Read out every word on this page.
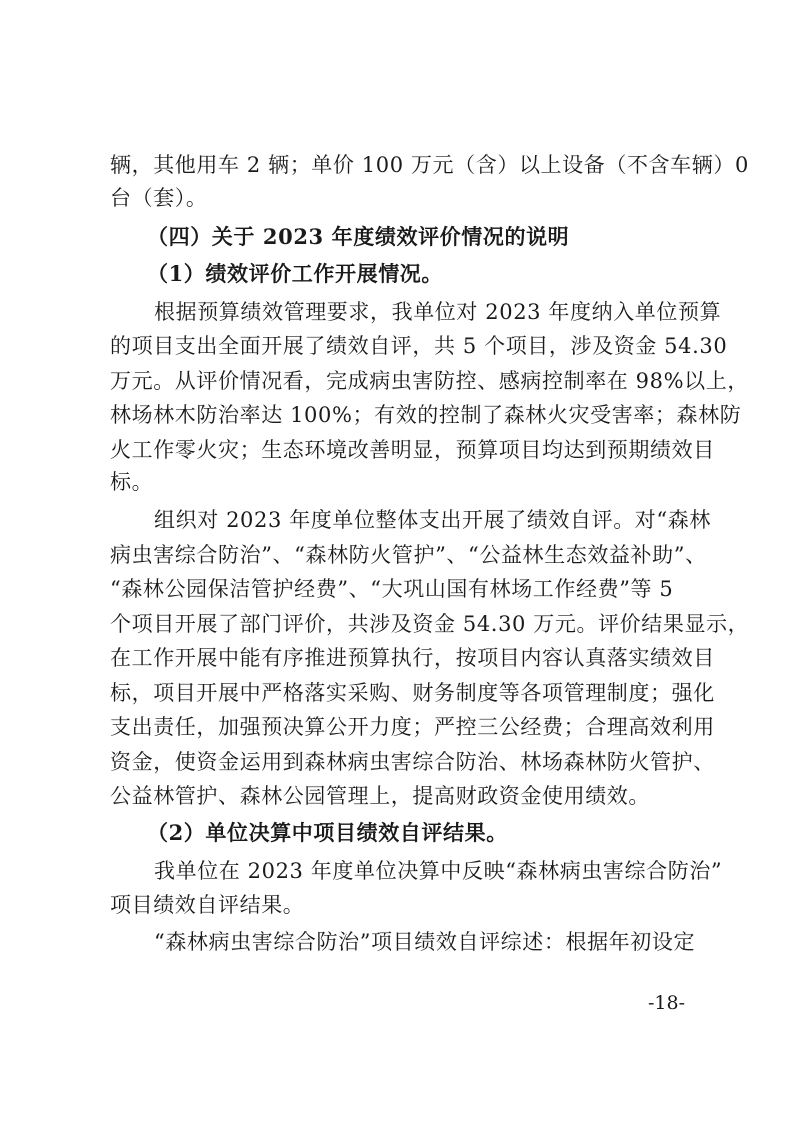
辆，其他用车 2 辆；单价 100 万元（含）以上设备（不含车辆）0
台（套）。
（四）关于 2023 年度绩效评价情况的说明
（1）绩效评价工作开展情况。
根据预算绩效管理要求，我单位对 2023 年度纳入单位预算
的项目支出全面开展了绩效自评，共 5 个项目，涉及资金 54.30
万元。从评价情况看，完成病虫害防控、感病控制率在 98%以上，
林场林木防治率达 100%；有效的控制了森林火灾受害率；森林防
火工作零火灾；生态环境改善明显，预算项目均达到预期绩效目
标。
组织对 2023 年度单位整体支出开展了绩效自评。对“森林
病虫害综合防治”、“森林防火管护”、“公益林生态效益补助”、
“森林公园保洁管护经费”、“大巩山国有林场工作经费”等 5
个项目开展了部门评价，共涉及资金 54.30 万元。评价结果显示，
在工作开展中能有序推进预算执行，按项目内容认真落实绩效目
标，项目开展中严格落实采购、财务制度等各项管理制度；强化
支出责任，加强预决算公开力度；严控三公经费；合理高效利用
资金，使资金运用到森林病虫害综合防治、林场森林防火管护、
公益林管护、森林公园管理上，提高财政资金使用绩效。
（2）单位决算中项目绩效自评结果。
我单位在 2023 年度单位决算中反映“森林病虫害综合防治”
项目绩效自评结果。
“森林病虫害综合防治”项目绩效自评综述：根据年初设定
-18-
